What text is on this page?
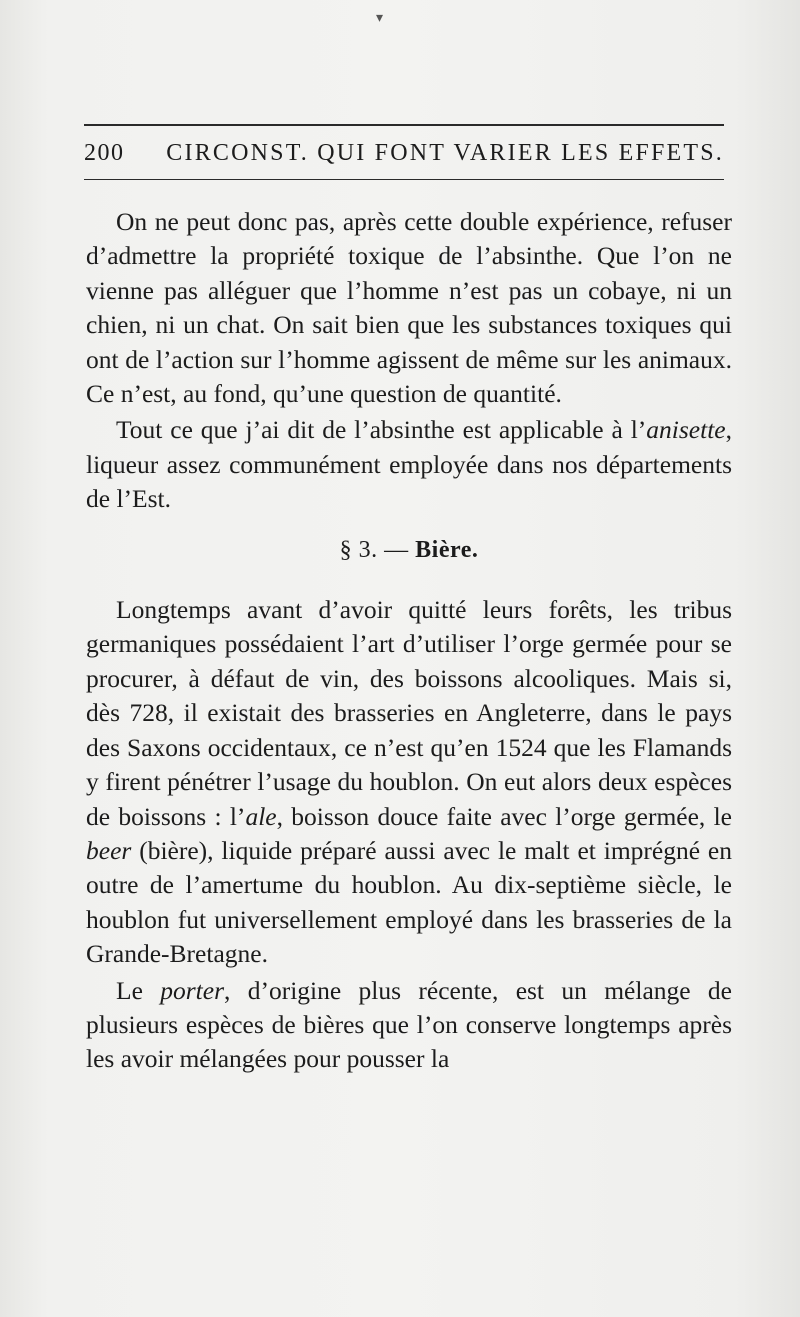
▾
200 CIRCONST. QUI FONT VARIER LES EFFETS.

On ne peut donc pas, après cette double expérience, refuser d’admettre la propriété toxique de l’absinthe. Que l’on ne vienne pas alléguer que l’homme n’est pas un cobaye, ni un chien, ni un chat. On sait bien que les substances toxiques qui ont de l’action sur l’homme agissent de même sur les animaux. Ce n’est, au fond, qu’une question de quantité.

Tout ce que j’ai dit de l’absinthe est applicable à l’anisette, liqueur assez communément employée dans nos départements de l’Est.

§ 3. — Bière.

Longtemps avant d’avoir quitté leurs forêts, les tribus germaniques possédaient l’art d’utiliser l’orge germée pour se procurer, à défaut de vin, des boissons alcooliques. Mais si, dès 728, il existait des brasseries en Angleterre, dans le pays des Saxons occidentaux, ce n’est qu’en 1524 que les Flamands y firent pénétrer l’usage du houblon. On eut alors deux espèces de boissons : l’ale, boisson douce faite avec l’orge germée, le beer (bière), liquide préparé aussi avec le malt et imprégné en outre de l’amertume du houblon. Au dix-septième siècle, le houblon fut universellement employé dans les brasseries de la Grande-Bretagne.

Le porter, d’origine plus récente, est un mélange de plusieurs espèces de bières que l’on conserve longtemps après les avoir mélangées pour pousser la
